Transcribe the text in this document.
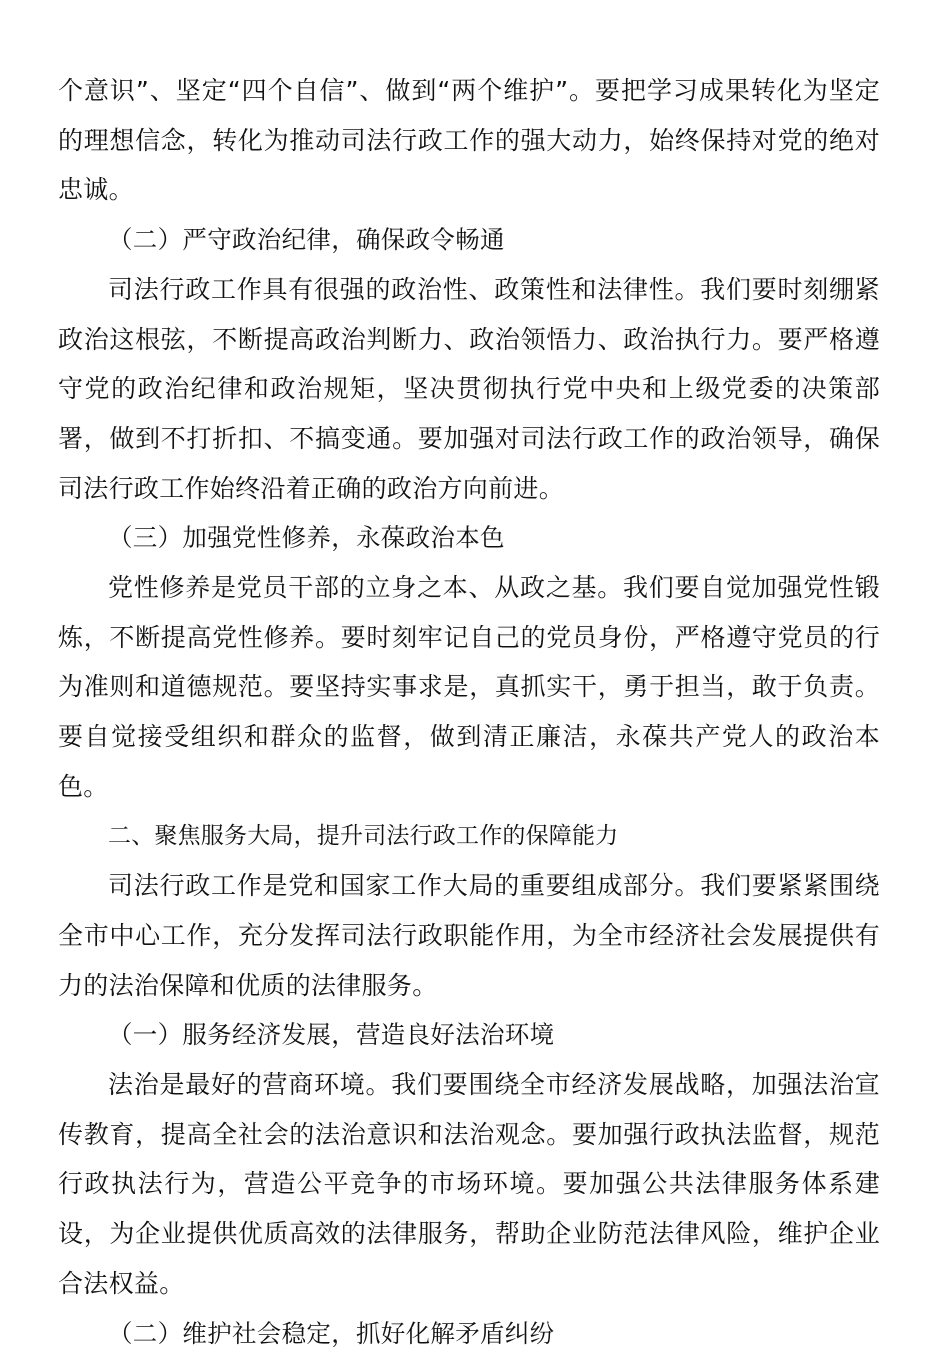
个意识”、坚定“四个自信”、做到“两个维护”。要把学习成果转化为坚定的理想信念，转化为推动司法行政工作的强大动力，始终保持对党的绝对忠诚。

（二）严守政治纪律，确保政令畅通

司法行政工作具有很强的政治性、政策性和法律性。我们要时刻绷紧政治这根弦，不断提高政治判断力、政治领悟力、政治执行力。要严格遵守党的政治纪律和政治规矩，坚决贯彻执行党中央和上级党委的决策部署，做到不打折扣、不搞变通。要加强对司法行政工作的政治领导，确保司法行政工作始终沿着正确的政治方向前进。

（三）加强党性修养，永葆政治本色

党性修养是党员干部的立身之本、从政之基。我们要自觉加强党性锻炼，不断提高党性修养。要时刻牢记自己的党员身份，严格遵守党员的行为准则和道德规范。要坚持实事求是，真抓实干，勇于担当，敢于负责。要自觉接受组织和群众的监督，做到清正廉洁，永葆共产党人的政治本色。

二、聚焦服务大局，提升司法行政工作的保障能力

司法行政工作是党和国家工作大局的重要组成部分。我们要紧紧围绕全市中心工作，充分发挥司法行政职能作用，为全市经济社会发展提供有力的法治保障和优质的法律服务。

（一）服务经济发展，营造良好法治环境

法治是最好的营商环境。我们要围绕全市经济发展战略，加强法治宣传教育，提高全社会的法治意识和法治观念。要加强行政执法监督，规范行政执法行为，营造公平竞争的市场环境。要加强公共法律服务体系建设，为企业提供优质高效的法律服务，帮助企业防范法律风险，维护企业合法权益。

（二）维护社会稳定，抓好化解矛盾纠纷
